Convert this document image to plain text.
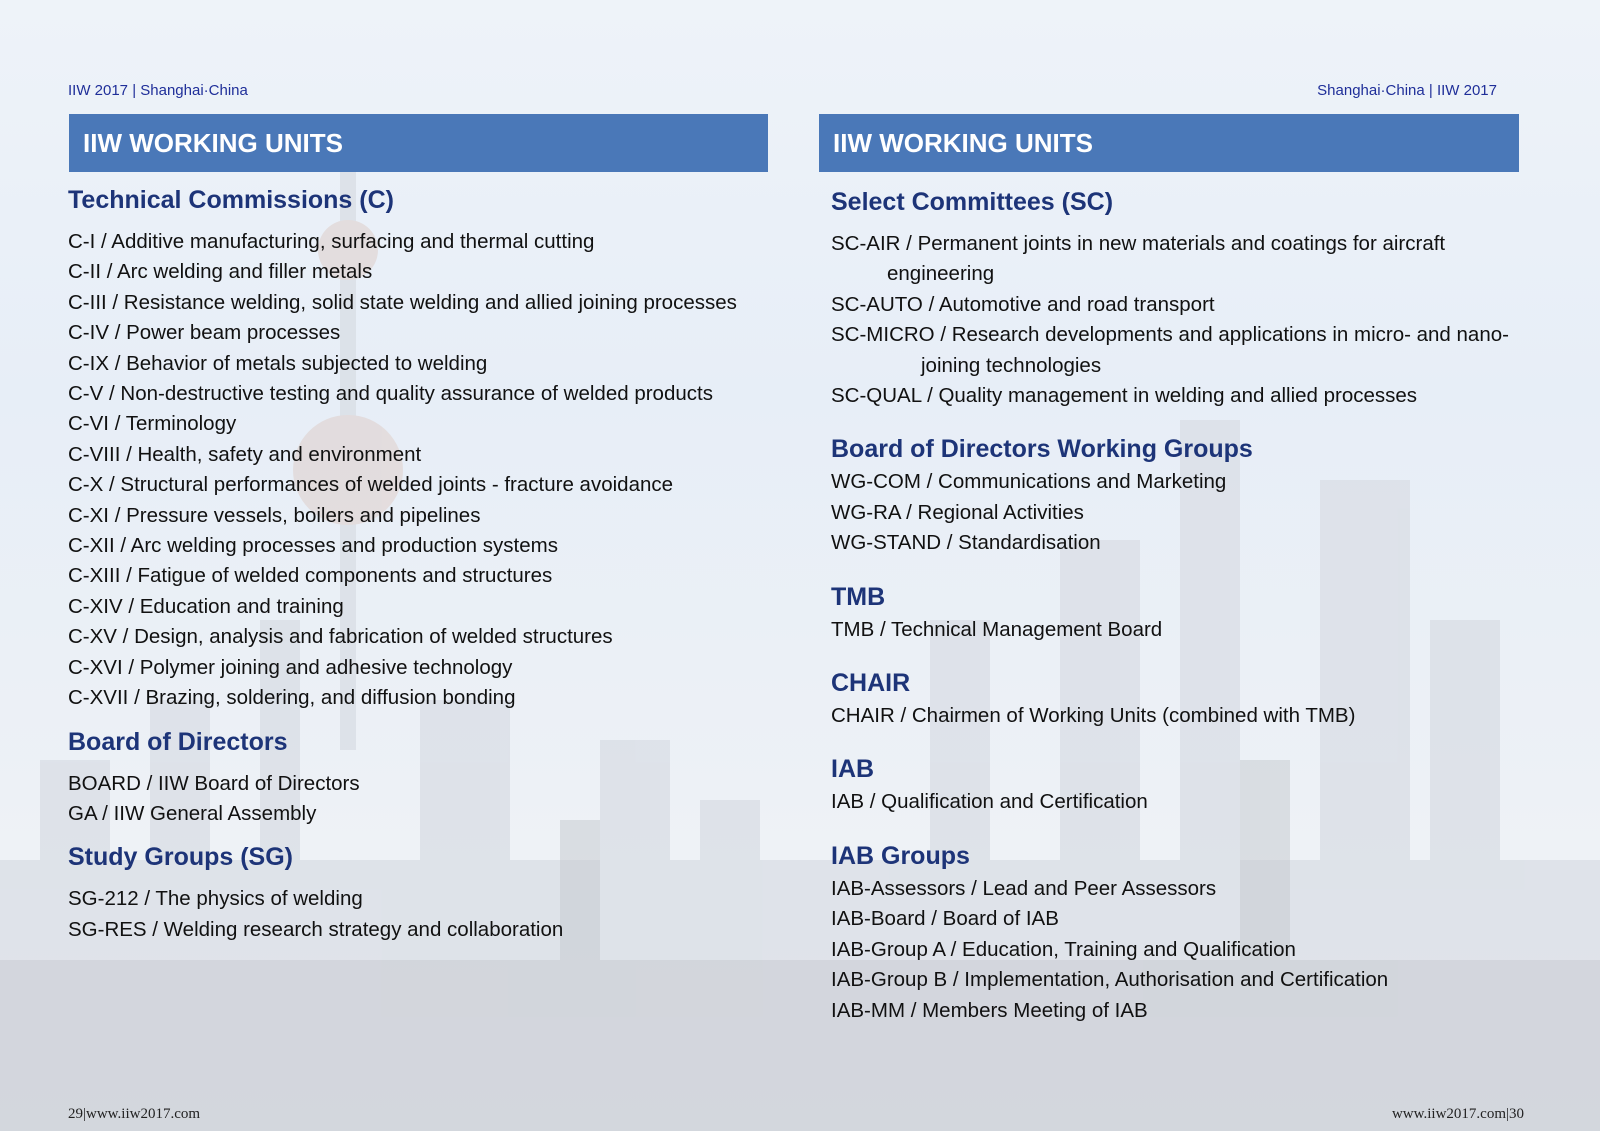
IIW 2017 | Shanghai·China
IIW WORKING UNITS
Technical Commissions (C)
C-I / Additive manufacturing, surfacing and thermal cutting
C-II / Arc welding and filler metals
C-III / Resistance welding, solid state welding and allied joining processes
C-IV / Power beam processes
C-IX / Behavior of metals subjected to welding
C-V / Non-destructive testing and quality assurance of welded products
C-VI / Terminology
C-VIII / Health, safety and environment
C-X / Structural performances of welded joints - fracture avoidance
C-XI / Pressure vessels, boilers and pipelines
C-XII / Arc welding processes and production systems
C-XIII / Fatigue of welded components and structures
C-XIV / Education and training
C-XV / Design, analysis and fabrication of welded structures
C-XVI / Polymer joining and adhesive technology
C-XVII / Brazing, soldering, and diffusion bonding
Board of Directors
BOARD / IIW Board of Directors
GA / IIW General Assembly
Study Groups (SG)
SG-212 / The physics of welding
SG-RES / Welding research strategy and collaboration
29|www.iiw2017.com
Shanghai·China | IIW 2017
IIW WORKING UNITS
Select Committees (SC)
SC-AIR / Permanent joints in new materials and coatings for aircraft engineering
SC-AUTO / Automotive and road transport
SC-MICRO / Research developments and applications in micro- and nano-joining technologies
SC-QUAL / Quality management in welding and allied processes
Board of Directors Working Groups
WG-COM / Communications and Marketing
WG-RA / Regional Activities
WG-STAND / Standardisation
TMB
TMB / Technical Management Board
CHAIR
CHAIR / Chairmen of Working Units (combined with TMB)
IAB
IAB / Qualification and Certification
IAB Groups
IAB-Assessors / Lead and Peer Assessors
IAB-Board / Board of IAB
IAB-Group A / Education, Training and Qualification
IAB-Group B / Implementation, Authorisation and Certification
IAB-MM / Members Meeting of IAB
www.iiw2017.com|30
